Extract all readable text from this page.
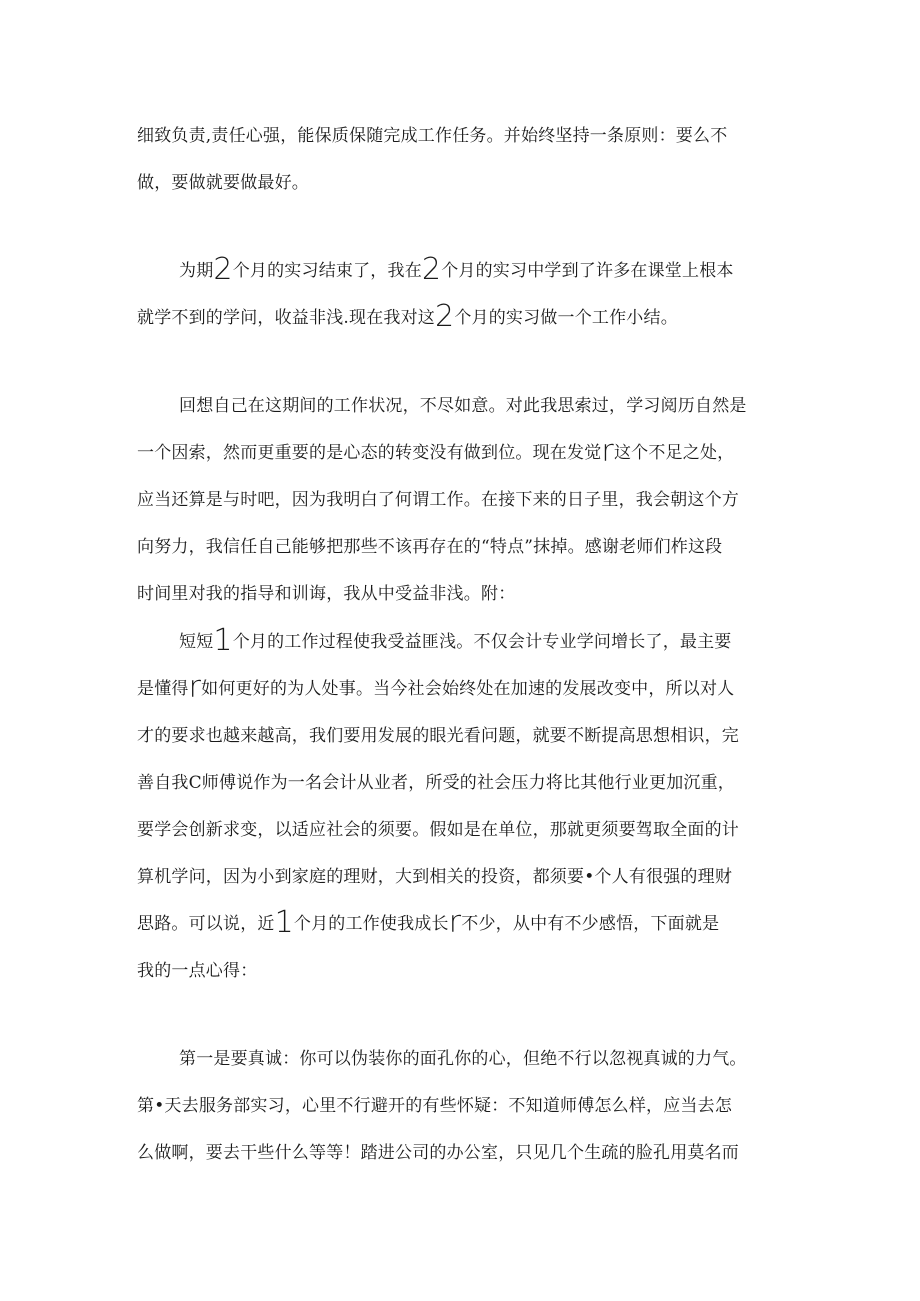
细致负责,责任心强，能保质保随完成工作任务。并始终坚持一条原则：要么不
做，要做就要做最好。
为期2个月的实习结束了，我在2个月的实习中学到了许多在课堂上根本
就学不到的学问，收益非浅.现在我对这2个月的实习做一个工作小结。
回想自己在这期间的工作状况，不尽如意。对此我思索过，学习阅历自然是
一个因索，然而更重要的是心态的转变没有做到位。现在发觉r这个不足之处，
应当还算是与时吧，因为我明白了何谓工作。在接下来的日子里，我会朝这个方
向努力，我信任自己能够把那些不该再存在的“特点”抹掉。感谢老师们柞这段
时间里对我的指导和训诲，我从中受益非浅。附：
短短1个月的工作过程使我受益匪浅。不仅会计专业学问增长了，最主要
是懂得r如何更好的为人处事。当今社会始终处在加速的发展改变中，所以对人
才的要求也越来越高，我们要用发展的眼光看问题，就要不断提高思想相识，完
善自我C师傅说作为一名会计从业者，所受的社会压力将比其他行业更加沉重，
要学会创新求变，以适应社会的须要。假如是在单位，那就更须要驾取全面的计
算机学问，因为小到家庭的理财，大到相关的投资，都须要•个人有很强的理财
思路。可以说，近1个月的工作使我成长r不少，从中有不少感悟，下面就是
我的一点心得：
第一是要真诚：你可以伪装你的面孔你的心，但绝不行以忽视真诚的力气。
第•天去服务部实习，心里不行避开的有些怀疑：不知道师傅怎么样，应当去怎
么做啊，要去干些什么等等！踏进公司的办公室，只见几个生疏的脸孔用莫名而
